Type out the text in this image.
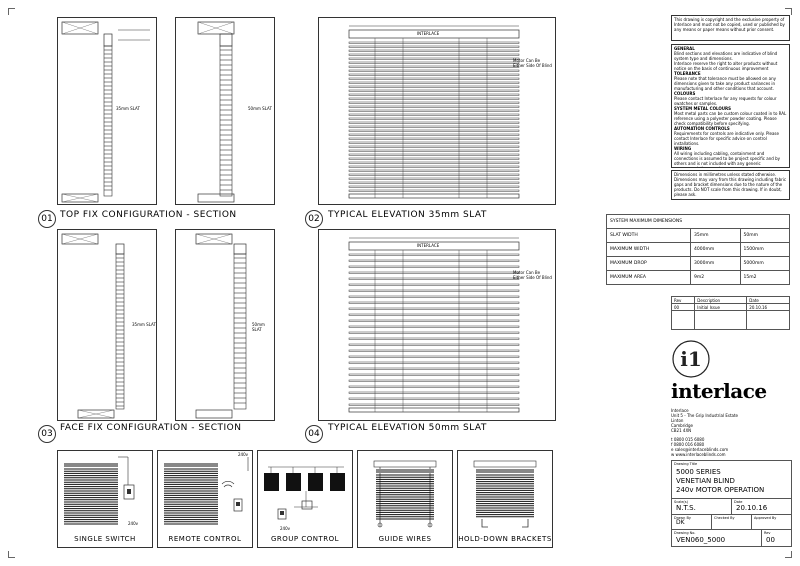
35mm SLAT	50mm SLAT
01 TOP FIX CONFIGURATION - SECTION
INTERLACE
Motor Can Be Either Side Of Blind
02 TYPICAL ELEVATION 35mm SLAT
35mm SLAT	50mm SLAT
03
FACE FIX CONFIGURATION - SECTION
INTERLACE
Motor Can Be Either Side Of Blind
04
TYPICAL ELEVATION 50mm SLAT
240v
SINGLE SWITCH
240v
REMOTE CONTROL
240v
GROUP CONTROL	GUIDE WIRES	HOLD-DOWN BRACKETS
This drawing is copyright and the exclusive property of Interlace and must not be copied, used or published by any means or paper means without prior consent.
GENERAL
Blind sections and elevations are indicative of blind system type and dimensions.
Interlace reserve the right to alter products without notice on the basis of continuous improvement
TOLERANCE
Please note that tolerance must be allowed on any dimensions given to take any product variances in manufacturing and other conditions that account.
COLOURS
Please contact Interlace for any requests for colour swatches or samples.
SYSTEM METAL COLOURS
Most metal parts can be custom colour coated in to RAL reference using a polyester powder coating. Please check compatibility before specifying.
AUTOMATION CONTROLS
Requirements for controls are indicative only. Please contact Interlace for specific advice on control installations.
WIRING
All wiring including cabling, containment and connections is assumed to be project specific and by others and is not included with any generic
Dimensions in millimetres unless stated otherwise. Dimensions may vary from this drawing including fabric gaps and bracket dimensions due to the nature of the products. Do NOT scale from this drawing. If in doubt, please ask.
SYSTEM MAXIMUM DIMENSIONS		
SLAT WIDTH	35mm	50mm
MAXIMUM WIDTH	4000mm	1500mm
MAXIMUM DROP	3000mm	5000mm
MAXIMUM AREA	9m2	15m2
Rev	Description	Date
00	Initial Issue	20.10.16

i1
interlace
Interlace
Unit 5 - The Grip Industrial Estate
Linton
Cambridge
CB21 4XN
t 0800 015 6080
f 0800 016 6080
e sales@interlaceblinds.com
w www.interlaceblinds.com
Drawing Title
5000 SERIES
VENETIAN BLIND
240v MOTOR OPERATION
Scale(s)
N.T.S.
Date
20.10.16
Drawn By
DK
Checked By	Approved By
Drawing No.
VEN060_5000
Rev
00
